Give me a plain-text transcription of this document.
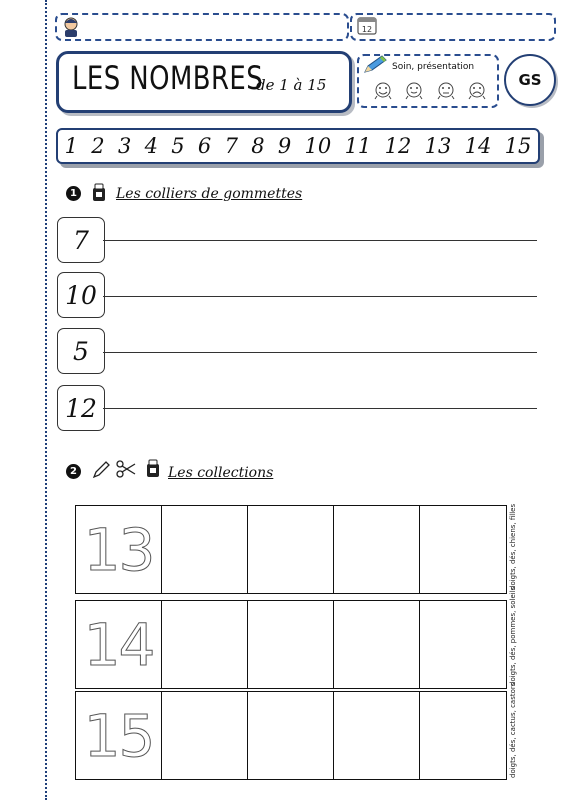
12
LES NOMBRES
de 1 à 15
Soin, présentation
GS
1 2 3 4 5 6 7 8 9 10 11 12 13 14 15
1	Les colliers de gommettes
7
10
5
12
2	Les collections
13	doigts, dés, chiens, filles
14	doigts, dés, pommes, soleils
15	doigts, dés, cactus, castors
